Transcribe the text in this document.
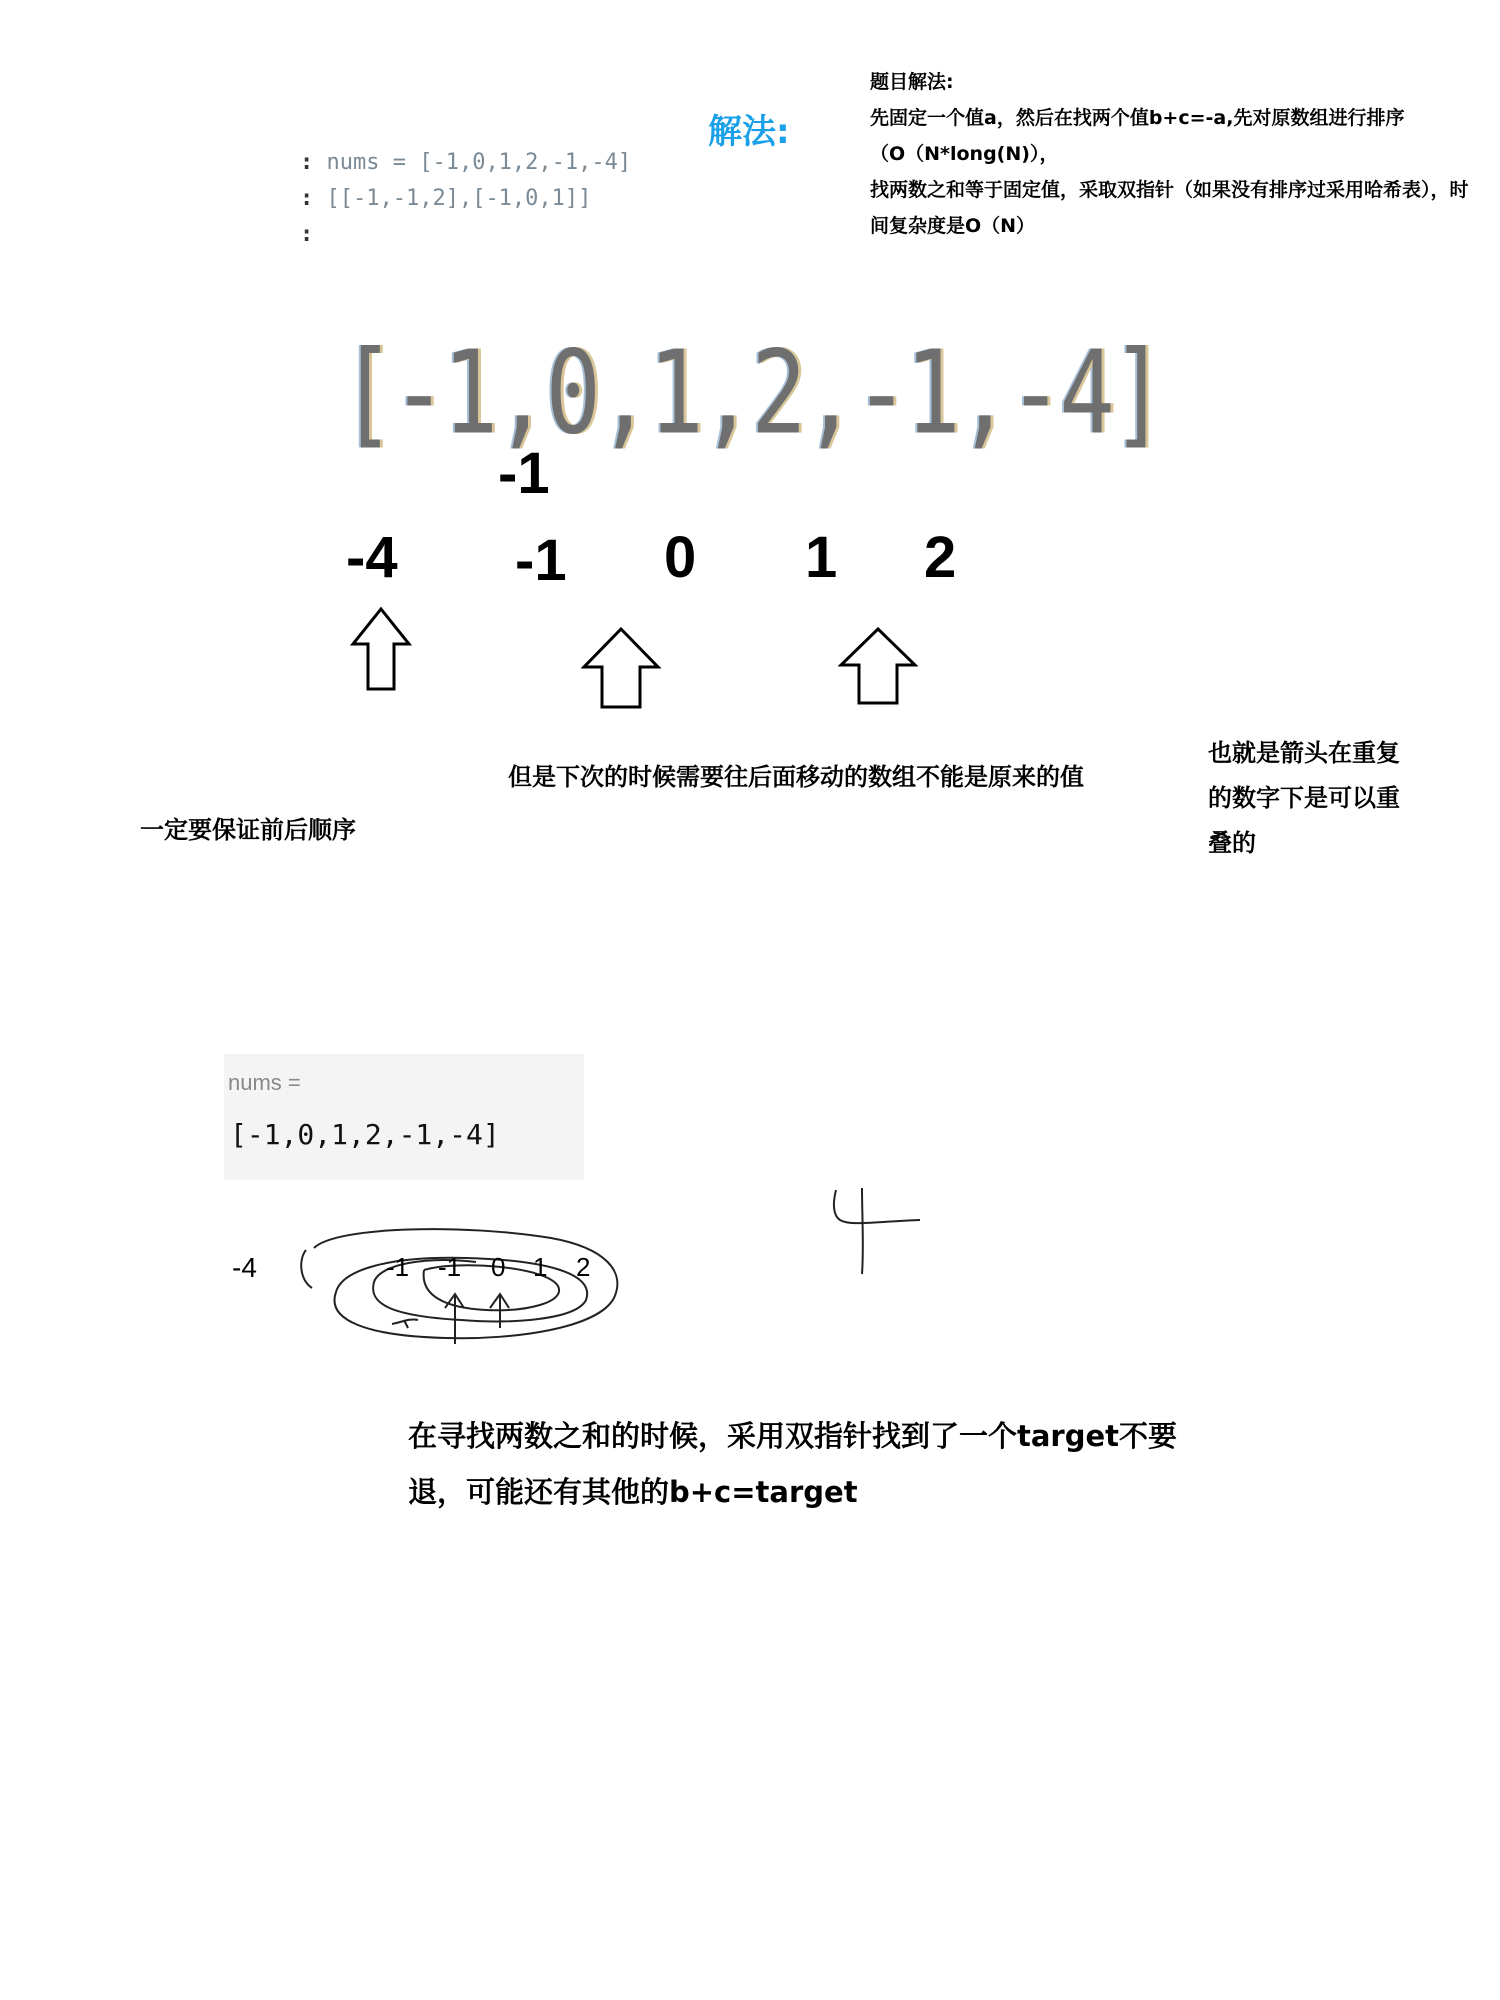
: nums = [-1,0,1,2,-1,-4]
: [[-1,-1,2],[-1,0,1]]
:
解法:
题目解法:
先固定一个值a，然后在找两个值b+c=-a,先对原数组进行排序
（O（N*long(N)），
找两数之和等于固定值，采取双指针（如果没有排序过采用哈希表），时间复杂度是O（N）
[-1,0,1,2,-1,-4]
-1
-4 -1 0 1 2
一定要保证前后顺序
但是下次的时候需要往后面移动的数组不能是原来的值
也就是箭头在重复的数字下是可以重叠的
nums =
[-1,0,1,2,-1,-4]
-4	-1 -1 0 1 2
在寻找两数之和的时候，采用双指针找到了一个target不要退，可能还有其他的b+c=target
